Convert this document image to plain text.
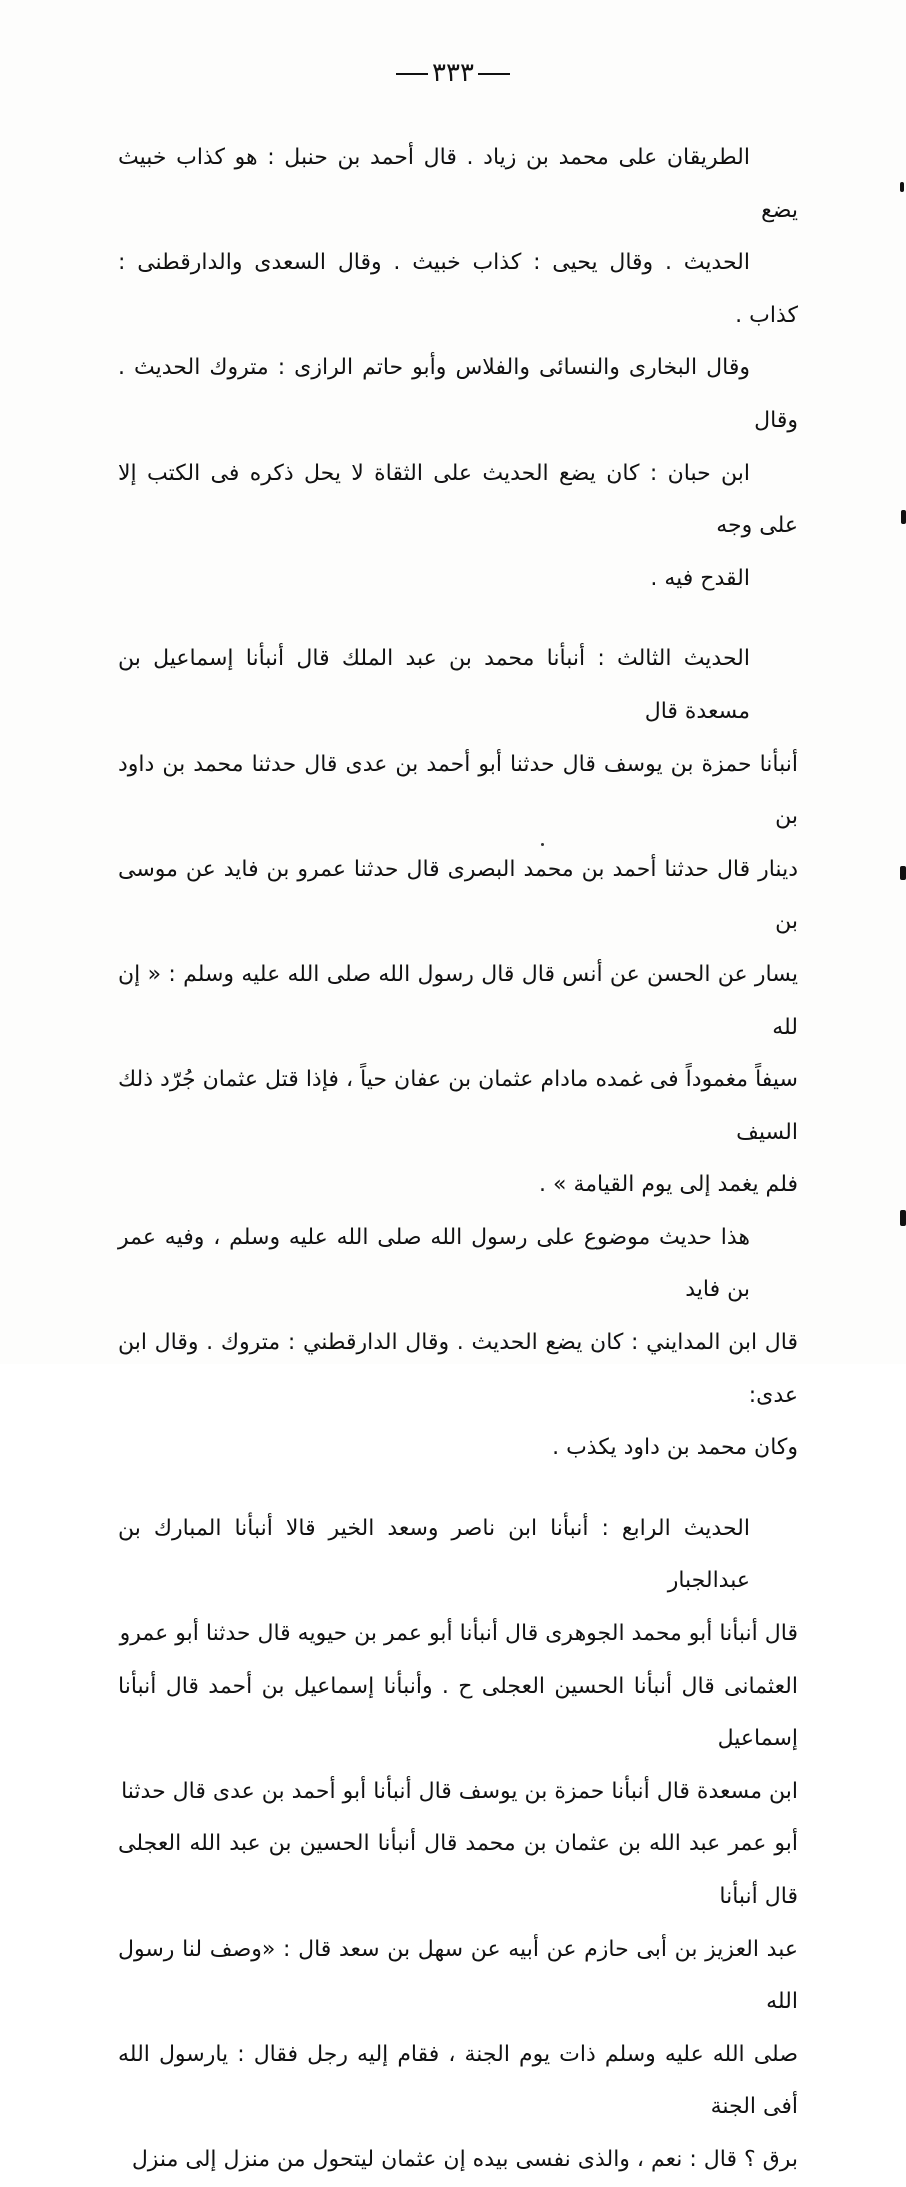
٣٣٣
الطريقان على محمد بن زياد . قال أحمد بن حنبل : هو كذاب خبيث يضع
الحديث . وقال يحيى : كذاب خبيث . وقال السعدى والدارقطنى : كذاب .
وقال البخارى والنسائى والفلاس وأبو حاتم الرازى : متروك الحديث . وقال
ابن حبان : كان يضع الحديث على الثقاة لا يحل ذكره فى الكتب إلا على وجه
القدح فيه .
الحديث الثالث : أنبأنا محمد بن عبد الملك قال أنبأنا إسماعيل بن مسعدة قال
أنبأنا حمزة بن يوسف قال حدثنا أبو أحمد بن عدى قال حدثنا محمد بن داود بن
دينار قال حدثنا أحمد بن محمد البصرى قال حدثنا عمرو بن فايد عن موسى بن
يسار عن الحسن عن أنس قال قال رسول الله صلى الله عليه وسلم : « إن لله
سيفاً مغموداً فى غمده مادام عثمان بن عفان حياً ، فإذا قتل عثمان جُرّد ذلك السيف
فلم يغمد إلى يوم القيامة » .
هذا حديث موضوع على رسول الله صلى الله عليه وسلم ، وفيه عمر بن فايد
قال ابن المدايني : كان يضع الحديث . وقال الدارقطني : متروك . وقال ابن عدى:
وكان محمد بن داود يكذب .
الحديث الرابع : أنبأنا ابن ناصر وسعد الخير قالا أنبأنا المبارك بن عبدالجبار
قال أنبأنا أبو محمد الجوهرى قال أنبأنا أبو عمر بن حيويه قال حدثنا أبو عمرو
العثمانى قال أنبأنا الحسين العجلى ح . وأنبأنا إسماعيل بن أحمد قال أنبأنا إسماعيل
ابن مسعدة قال أنبأنا حمزة بن يوسف قال أنبأنا أبو أحمد بن عدى قال حدثنا
أبو عمر عبد الله بن عثمان بن محمد قال أنبأنا الحسين بن عبد الله العجلى قال أنبأنا
عبد العزيز بن أبى حازم عن أبيه عن سهل بن سعد قال : «وصف لنا رسول الله
صلى الله عليه وسلم ذات يوم الجنة ، فقام إليه رجل فقال : يارسول الله أفى الجنة
برق ؟ قال : نعم ، والذى نفسى بيده إن عثمان ليتحول من منزل إلى منزل
